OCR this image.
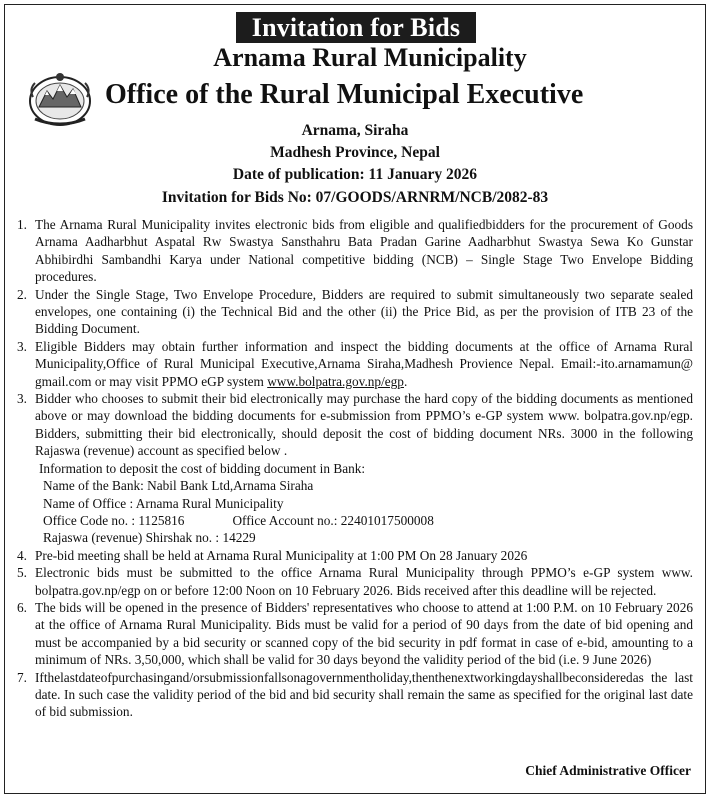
Invitation for Bids
Arnama Rural Municipality
Office of the Rural Municipal Executive
Arnama, Siraha
Madhesh Province, Nepal
Date of publication: 11 January 2026
Invitation for Bids No: 07/GOODS/ARNRM/NCB/2082-83
1. The Arnama Rural Municipality invites electronic bids from eligible and qualifiedbidders for the procurement of Goods Arnama Aadharbhut Aspatal Rw Swastya Sansthahru Bata Pradan Garine Aadharbhut Swastya Sewa Ko Gunstar Abhibirdhi Sambandhi Karya under National competitive bidding (NCB) – Single Stage Two Envelope Bidding procedures.
2. Under the Single Stage, Two Envelope Procedure, Bidders are required to submit simultaneously two separate sealed envelopes, one containing (i) the Technical Bid and the other (ii) the Price Bid, as per the provision of ITB 23 of the Bidding Document.
3. Eligible Bidders may obtain further information and inspect the bidding documents at the office of Arnama Rural Municipality,Office of Rural Municipal Executive,Arnama Siraha,Madhesh Provience Nepal. Email:-ito.arnamamun@ gmail.com or may visit PPMO eGP system www.bolpatra.gov.np/egp.
3. Bidder who chooses to submit their bid electronically may purchase the hard copy of the bidding documents as mentioned above or may download the bidding documents for e-submission from PPMO’s e-GP system www. bolpatra.gov.np/egp. Bidders, submitting their bid electronically, should deposit the cost of bidding document NRs. 3000 in the following Rajaswa (revenue) account as specified below .
Information to deposit the cost of bidding document in Bank:
Name of the Bank: Nabil Bank Ltd,Arnama Siraha
Name of Office : Arnama Rural Municipality
Office Code no. : 1125816	Office Account no.: 22401017500008
Rajaswa (revenue) Shirshak no. : 14229
4. Pre-bid meeting shall be held at Arnama Rural Municipality at 1:00 PM On 28 January 2026
5. Electronic bids must be submitted to the office Arnama Rural Municipality through PPMO’s e-GP system www. bolpatra.gov.np/egp on or before 12:00 Noon on 10 February 2026. Bids received after this deadline will be rejected.
6. The bids will be opened in the presence of Bidders' representatives who choose to attend at 1:00 P.M. on 10 February 2026 at the office of Arnama Rural Municipality. Bids must be valid for a period of 90 days from the date of bid opening and must be accompanied by a bid security or scanned copy of the bid security in pdf format in case of e-bid, amounting to a minimum of NRs. 3,50,000, which shall be valid for 30 days beyond the validity period of the bid (i.e. 9 June 2026)
7. Ifthelastdateofpurchasingand/orsubmissionfallsonagovernmentholiday,thenthenextworkingdayshallbeconsideredas the last date. In such case the validity period of the bid and bid security shall remain the same as specified for the original last date of bid submission.
Chief Administrative Officer
